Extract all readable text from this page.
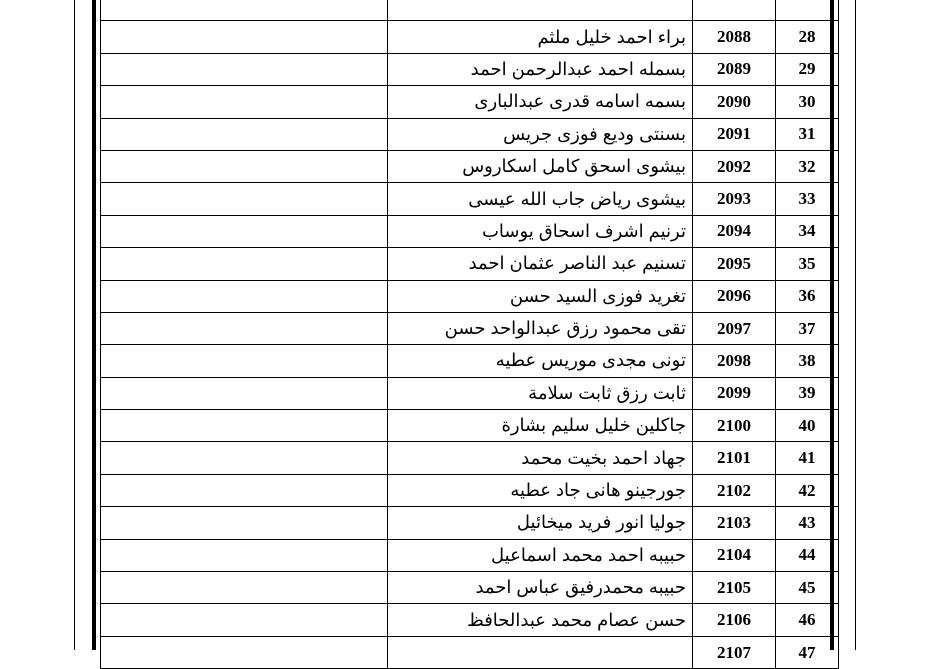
28	2088	براء احمد خليل ملثم	
29	2089	بسمله احمد عبدالرحمن احمد	
30	2090	بسمه اسامه قدرى عبدالبارى	
31	2091	بسنتى وديع فوزى جريس	
32	2092	بيشوى اسحق كامل اسكاروس	
33	2093	بيشوى رياض جاب الله عيسى	
34	2094	ترنيم اشرف اسحاق يوساب	
35	2095	تسنيم عبد الناصر عثمان احمد	
36	2096	تغريد فوزى السيد حسن	
37	2097	تقى محمود رزق عبدالواحد حسن	
38	2098	تونى مجدى موريس عطيه	
39	2099	ثابت رزق ثابت سلامة	
40	2100	جاكلين خليل سليم بشارة	
41	2101	جهاد احمد بخيت محمد	
42	2102	جورجينو هانى جاد عطيه	
43	2103	جوليا انور فريد ميخائيل	
44	2104	حبيبه احمد محمد اسماعيل	
45	2105	حبيبه محمدرفيق عباس احمد	
46	2106	حسن عصام محمد عبدالحافظ	
47	2107		
